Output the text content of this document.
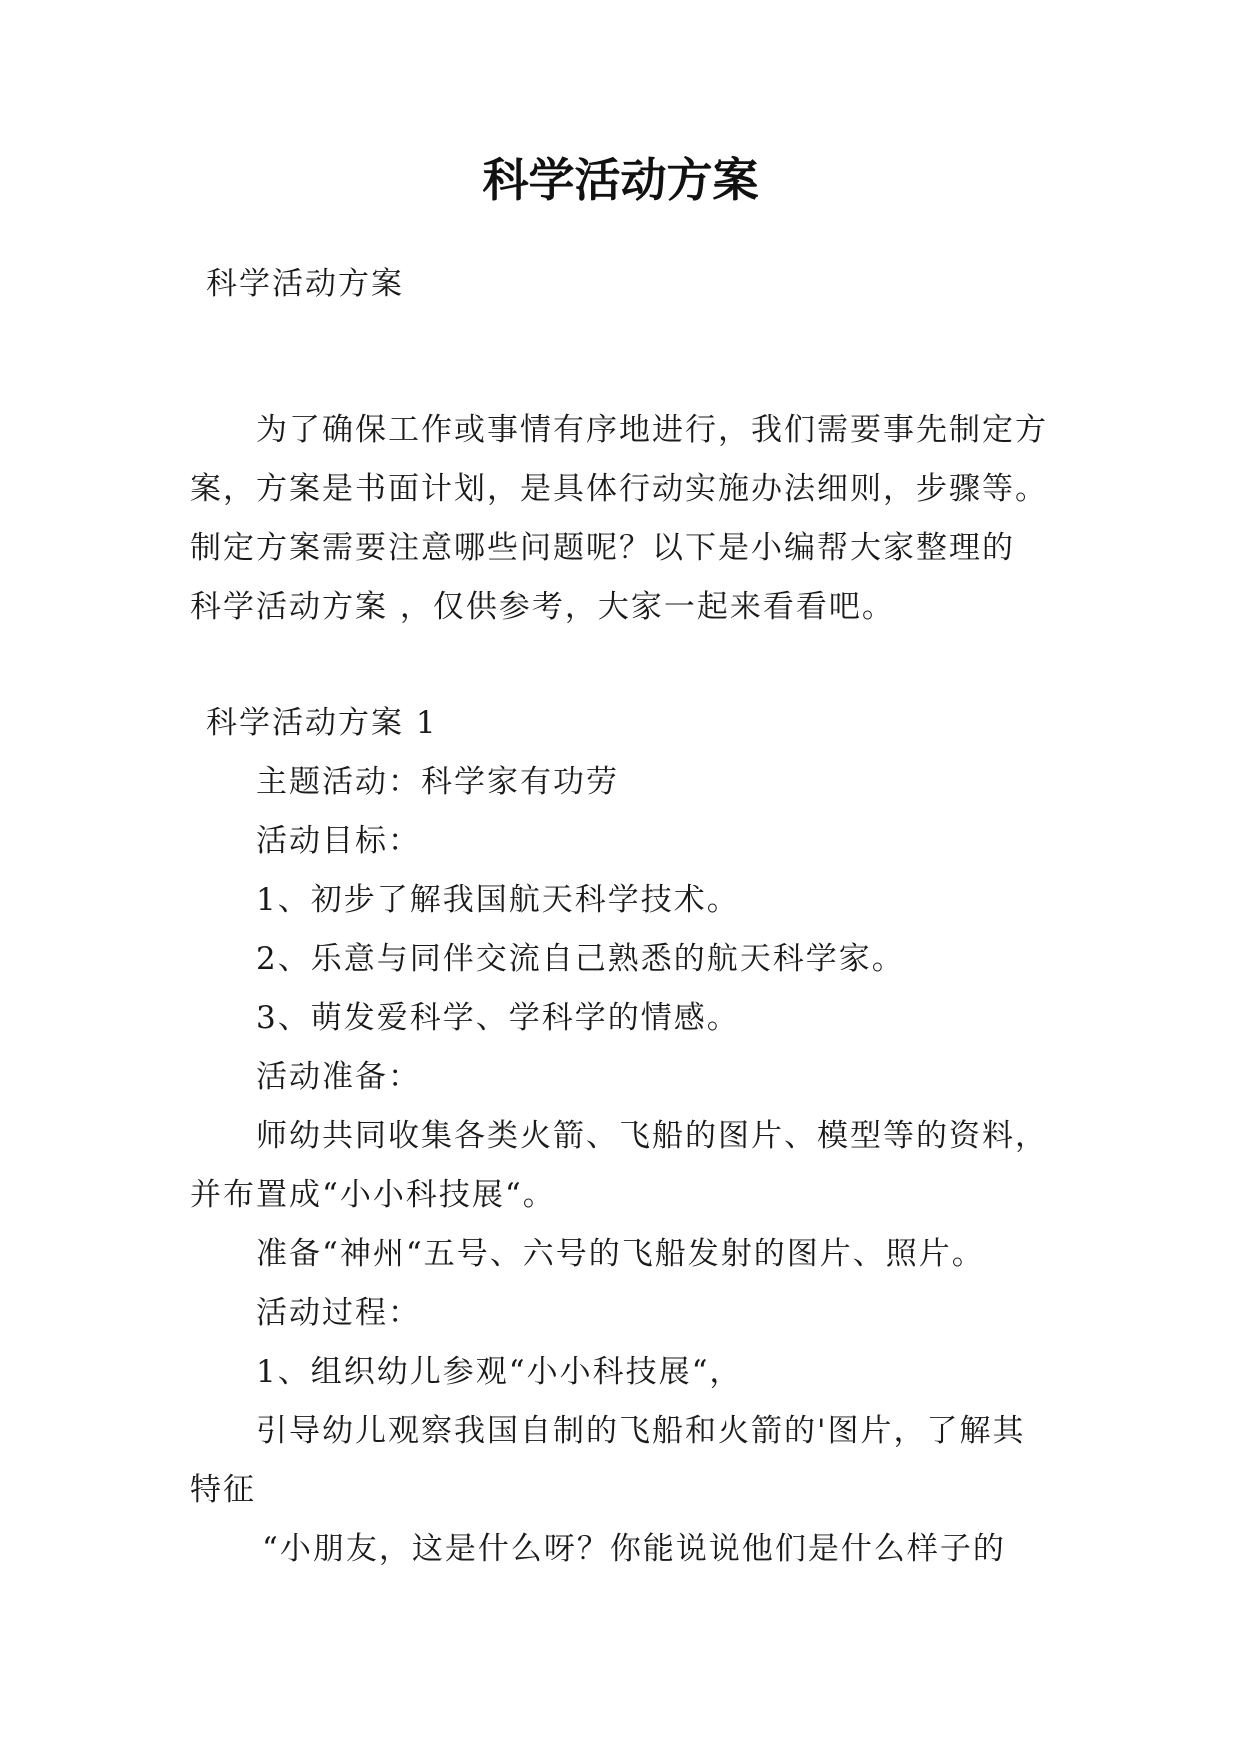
科学活动方案
科学活动方案
为了确保工作或事情有序地进行，我们需要事先制定方
案，方案是书面计划，是具体行动实施办法细则，步骤等。
制定方案需要注意哪些问题呢？以下是小编帮大家整理的
科学活动方案 ，仅供参考，大家一起来看看吧。
科学活动方案 1
主题活动：科学家有功劳
活动目标：
1、初步了解我国航天科学技术。
2、乐意与同伴交流自己熟悉的航天科学家。
3、萌发爱科学、学科学的情感。
活动准备：
师幼共同收集各类火箭、飞船的图片、模型等的资料，
并布置成“小小科技展“。
准备“神州“五号、六号的飞船发射的图片、照片。
活动过程：
1、组织幼儿参观“小小科技展“，
引导幼儿观察我国自制的飞船和火箭的'图片，了解其
特征
“小朋友，这是什么呀？你能说说他们是什么样子的
